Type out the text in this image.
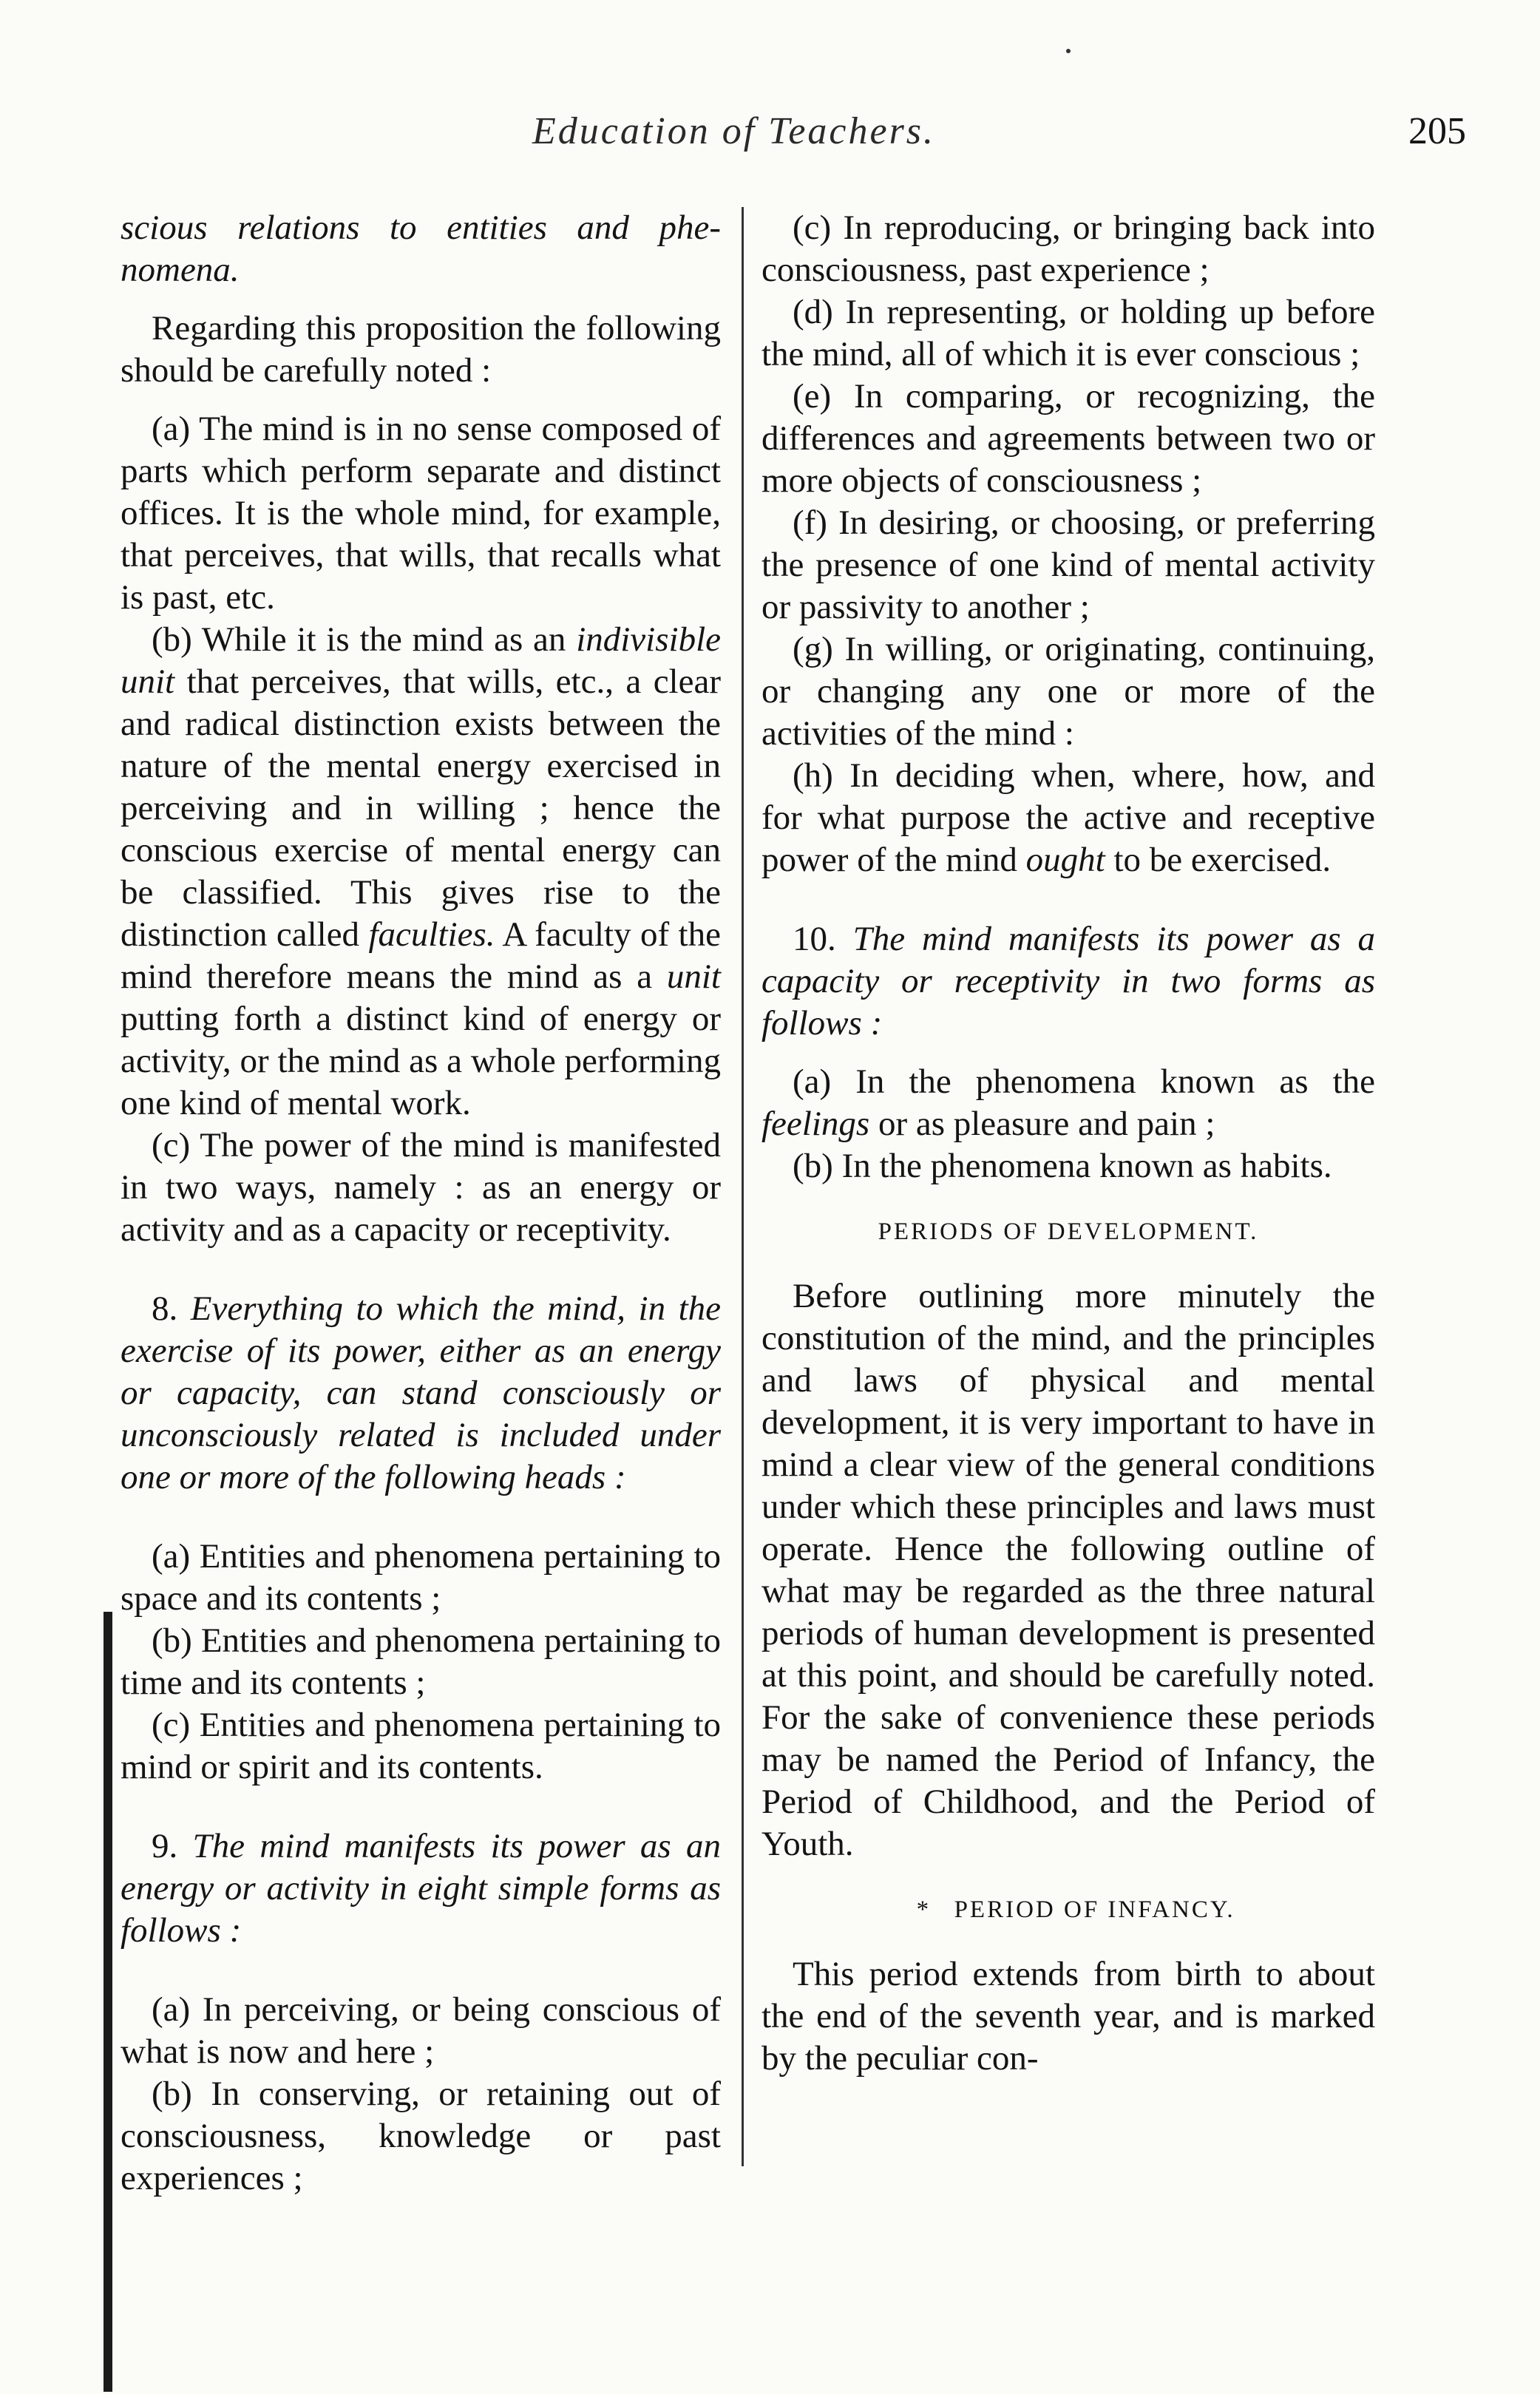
Education of Teachers.	205

scious relations to entities and phe- nomena.

Regarding this proposition the following should be carefully noted :

(a) The mind is in no sense composed of parts which perform separate and distinct offices. It is the whole mind, for example, that perceives, that wills, that recalls what is past, etc.

(b) While it is the mind as an indivisible unit that perceives, that wills, etc., a clear and radical distinction exists between the nature of the mental energy exercised in perceiving and in willing ; hence the conscious exercise of mental energy can be classified. This gives rise to the distinction called faculties. A faculty of the mind therefore means the mind as a unit putting forth a distinct kind of energy or activity, or the mind as a whole performing one kind of mental work.

(c) The power of the mind is manifested in two ways, namely : as an energy or activity and as a capacity or receptivity.

8. Everything to which the mind, in the exercise of its power, either as an energy or capacity, can stand consciously or unconsciously related is included under one or more of the following heads :

(a) Entities and phenomena pertaining to space and its contents ;

(b) Entities and phenomena pertaining to time and its contents ;

(c) Entities and phenomena pertaining to mind or spirit and its contents.

9. The mind manifests its power as an energy or activity in eight simple forms as follows :

(a) In perceiving, or being conscious of what is now and here ;

(b) In conserving, or retaining out of consciousness, knowledge or past experiences ;

(c) In reproducing, or bringing back into consciousness, past experience ;

(d) In representing, or holding up before the mind, all of which it is ever conscious ;

(e) In comparing, or recognizing, the differences and agreements between two or more objects of consciousness ;

(f) In desiring, or choosing, or preferring the presence of one kind of mental activity or passivity to another ;

(g) In willing, or originating, continuing, or changing any one or more of the activities of the mind :

(h) In deciding when, where, how, and for what purpose the active and receptive power of the mind ought to be exercised.

10. The mind manifests its power as a capacity or receptivity in two forms as follows :

(a) In the phenomena known as the feelings or as pleasure and pain ;

(b) In the phenomena known as habits.

PERIODS OF DEVELOPMENT.

Before outlining more minutely the constitution of the mind, and the principles and laws of physical and mental development, it is very important to have in mind a clear view of the general conditions under which these principles and laws must operate. Hence the following outline of what may be regarded as the three natural periods of human development is presented at this point, and should be carefully noted. For the sake of convenience these periods may be named the Period of Infancy, the Period of Childhood, and the Period of Youth.

* PERIOD OF INFANCY.

This period extends from birth to about the end of the seventh year, and is marked by the peculiar con-
